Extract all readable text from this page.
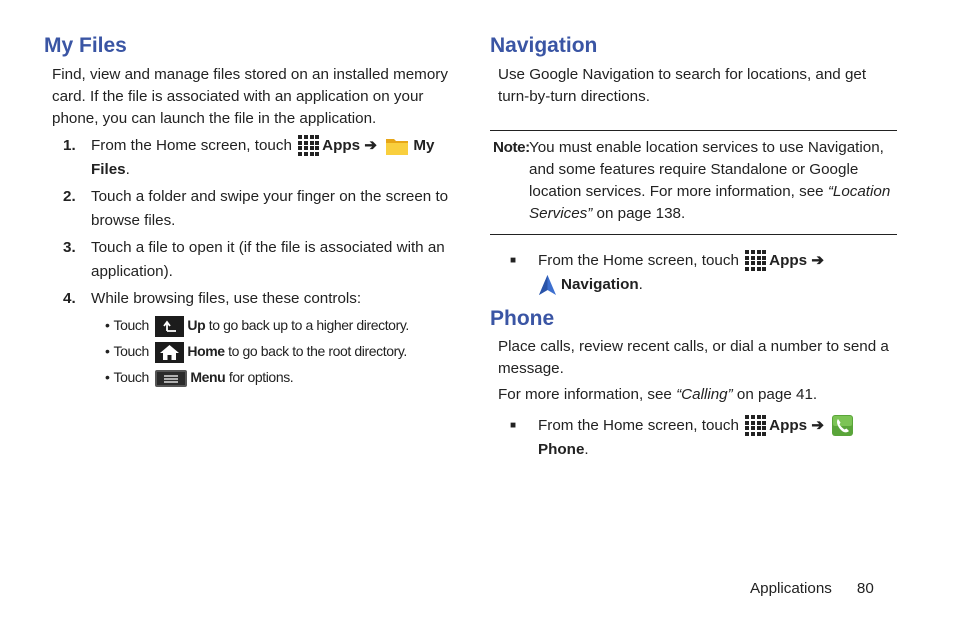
My Files

Find, view and manage files stored on an installed memory card. If the file is associated with an application on your phone, you can launch the file in the application.

1.	From the Home screen, touch Apps ➔ My Files.
2.	Touch a folder and swipe your finger on the screen to browse files.
3.	Touch a file to open it (if the file is associated with an application).
4.	While browsing files, use these controls:
• Touch	Up to go back up to a higher directory.
• Touch	Home to go back to the root directory.
• Touch	Menu for options.
Navigation

Use Google Navigation to search for locations, and get turn-by-turn directions.

Note: You must enable location services to use Navigation, and some features require Standalone or Google location services. For more information, see “Location Services” on page 138.
■	From the Home screen, touch Apps ➔
Navigation.
Phone

Place calls, review recent calls, or dial a number to send a message.

For more information, see “Calling” on page 41.

■	From the Home screen, touch Apps ➔ Phone.
Applications 80
